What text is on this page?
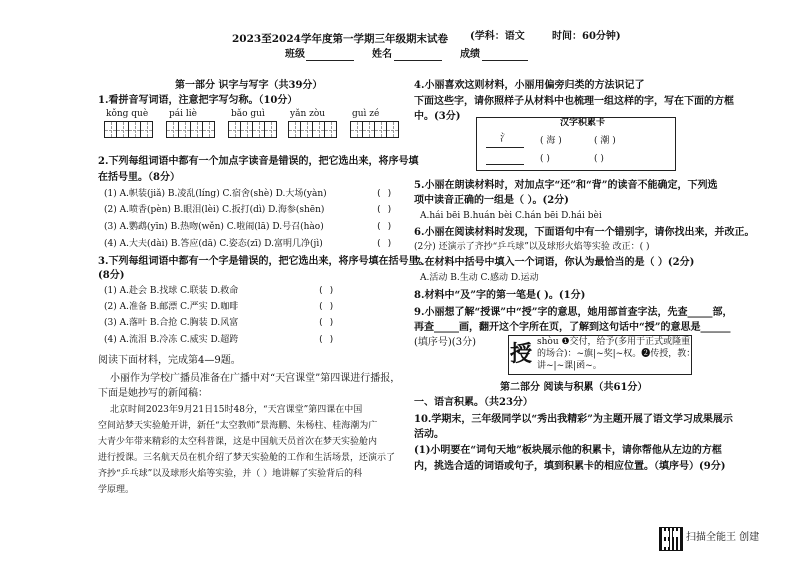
2023至2024学年度第一学期三年级期末试卷 (学科：语文	时间：60分钟)
班级	姓名	成绩
第一部分 识字与写字（共39分）
1.看拼音写词语，注意把字写匀称。（10分）
kǒng què pái liè	bǎo guì	yǎn zòu	guì zé
2.下列每组词语中都有一个加点字读音是错误的，把它选出来，将序号填
在括号里。（8分）
(1) A.帜装(jiǎ) B.凌乱(líng) C.宿舍(shè) D.大场(yàn)
(2) A.喷香(pèn) B.眼泪(lèi) C.扳打(dì) D.海参(shēn)
(3) A.鹦鹉(yīn) B.热吻(wěn) C.啦闹(lā) D.号召(hào)
(4) A.大夫(dài) B.答应(dā) C.姿态(zī) D.富明几净(jì)
( )
( )
( )
( )
3.下列每组词语中都有一个字是错误的，把它选出来，将序号填在括号里。
(8分)
(1) A.赴会 B.找球 C.联装 D.救命
(2) A.准备 B.邮漂 C.严实 D.咖啡
(3) A.落叶 B.合抢 C.胸装 D.风富
(4) A.流泪 B.冷冻 C.威实 D.超跨
( )
( )
( )
( )
阅读下面材料，完成第4—9题。
小丽作为学校广播员准备在广播中对“天宫课堂”第四课进行播报，
下面是她抄写的新闻稿：
北京时间2023年9月21日15时48分，“天宫课堂”第四课在中国
空间站梦天实验舱开讲，新任“太空教师”景海鹏、朱杨柱、桂海潮为广
大青少年带来精彩的太空科普课，这是中国航天员首次在梦天实验舱内
进行授课。三名航天员在机介绍了梦天实验舱的工作和生活场景，还演示了
齐抄“乒乓球”以及球形火焰等实验，并（ ）地讲解了实验背后的科
学原理。
4.小丽喜欢这则材料，小丽用偏旁归类的方法识记了
下面这些字，请你照样子从材料中也梳理一组这样的字，写在下面的方框
中。(3分)
汉字积累卡
氵	( 海 )	( 潮 )
( )	( )
5.小丽在朗读材料时，对加点字“还”和“背”的读音不能确定，下列选
项中读音正确的一组是（ ）。(2分)
A.hái bēi B.huán bèi C.hán bēi D.hái bèi
6.小丽在阅读材料时发现，下面语句中有一个错别字，请你找出来，并改正。
(2分) 还演示了齐抄“乒乓球”以及球形火焰等实验 改正：( )
7.在材料中括号中填入一个词语，你认为最恰当的是（ ）(2分)
A.活动 B.生动 C.感动 D.运动
8.材料中“及”字的第一笔是( )。(1分)
9.小丽想了解“授课”中“授”字的意思，她用部首查字法，先查_____部，
再查_____画，翻开这个字所在页，了解到这句话中“授”的意思是______
(填序号)(3分) 授 shòu ❶交付，给予(多用于正式或隆重
的场合)：~旗|~奖|~权。❷传授，教：
讲~|~课|函~。
第二部分 阅读与积累（共61分）
一、语言积累。（共23分）
10.学期末，三年级同学以“秀出我精彩”为主题开展了语文学习成果展示
活动。
(1)小明要在“词句天地”板块展示他的积累卡，请你帮他从左边的方框
内，挑选合适的词语或句子，填到积累卡的相应位置。（填序号）(9分)
扫描全能王 创建
